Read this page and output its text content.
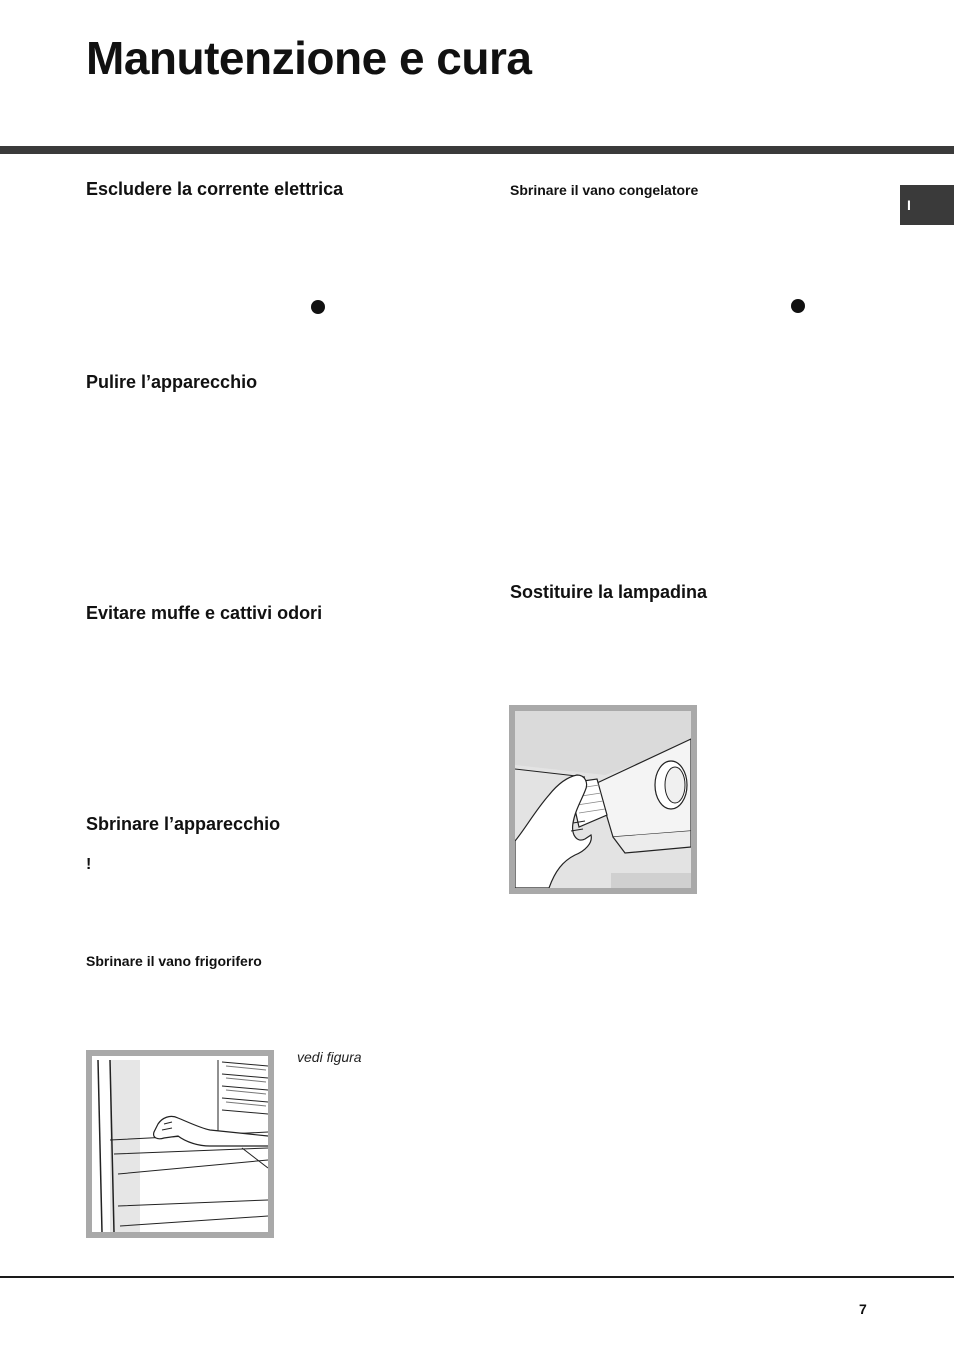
Manutenzione e cura
I
Escludere la corrente elettrica
Pulire l’apparecchio
Evitare muffe e cattivi odori
Sbrinare l’apparecchio
!
Sbrinare il vano frigorifero
vedi figura
Sbrinare il vano congelatore
Sostituire la lampadina
7
